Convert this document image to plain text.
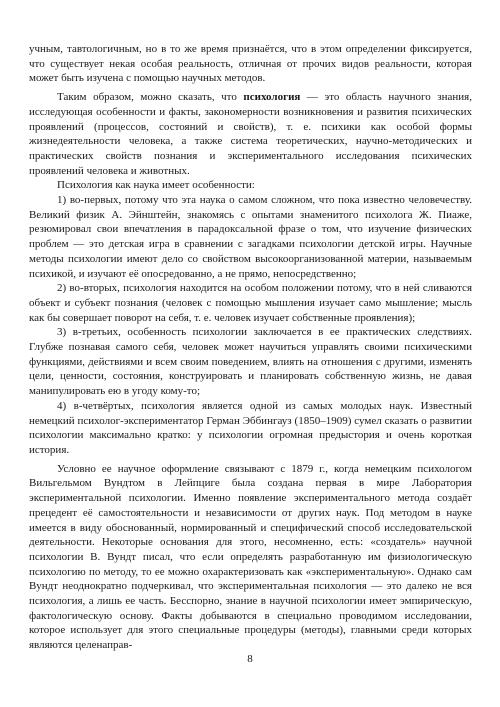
учным, тавтологичным, но в то же время признаётся, что в этом определении фиксируется, что существует некая особая реальность, отличная от прочих видов реальности, которая может быть изучена с помощью научных методов.

Таким образом, можно сказать, что психология — это область научного знания, исследующая особенности и факты, закономерности возникновения и развития психических проявлений (процессов, состояний и свойств), т. е. психики как особой формы жизнедеятельности человека, а также система теоретических, научно-методических и практических свойств познания и экспериментального исследования психических проявлений человека и животных.

Психология как наука имеет особенности:

1) во-первых, потому что эта наука о самом сложном, что пока известно человечеству. Великий физик А. Эйнштейн, знакомясь с опытами знаменитого психолога Ж. Пиаже, резюмировал свои впечатления в парадоксальной фразе о том, что изучение физических проблем — это детская игра в сравнении с загадками психологии детской игры. Научные методы психологии имеют дело со свойством высокоорганизованной материи, называемым психикой, и изучают её опосредованно, а не прямо, непосредственно;

2) во-вторых, психология находится на особом положении потому, что в ней сливаются объект и субъект познания (человек с помощью мышления изучает само мышление; мысль как бы совершает поворот на себя, т. е. человек изучает собственные проявления);

3) в-третьих, особенность психологии заключается в ее практических следствиях. Глубже познавая самого себя, человек может научиться управлять своими психическими функциями, действиями и всем своим поведением, влиять на отношения с другими, изменять цели, ценности, состояния, конструировать и планировать собственную жизнь, не давая манипулировать ею в угоду кому-то;

4) в-четвёртых, психология является одной из самых молодых наук. Известный немецкий психолог-экспериментатор Герман Эббингауз (1850–1909) сумел сказать о развитии психологии максимально кратко: у психологии огромная предыстория и очень короткая история.

Условно ее научное оформление связывают с 1879 г., когда немецким психологом Вильгельмом Вундтом в Лейпциге была создана первая в мире Лаборатория экспериментальной психологии. Именно появление экспериментального метода создаёт прецедент её самостоятельности и независимости от других наук. Под методом в науке имеется в виду обоснованный, нормированный и специфический способ исследовательской деятельности. Некоторые основания для этого, несомненно, есть: «создатель» научной психологии В. Вундт писал, что если определять разработанную им физиологическую психологию по методу, то ее можно охарактеризовать как «экспериментальную». Однако сам Вундт неоднократно подчеркивал, что экспериментальная психология — это далеко не вся психология, а лишь ее часть. Бесспорно, знание в научной психологии имеет эмпирическую, фактологическую основу. Факты добываются в специально проводимом исследовании, которое использует для этого специальные процедуры (методы), главными среди которых являются целенаправ-

8
